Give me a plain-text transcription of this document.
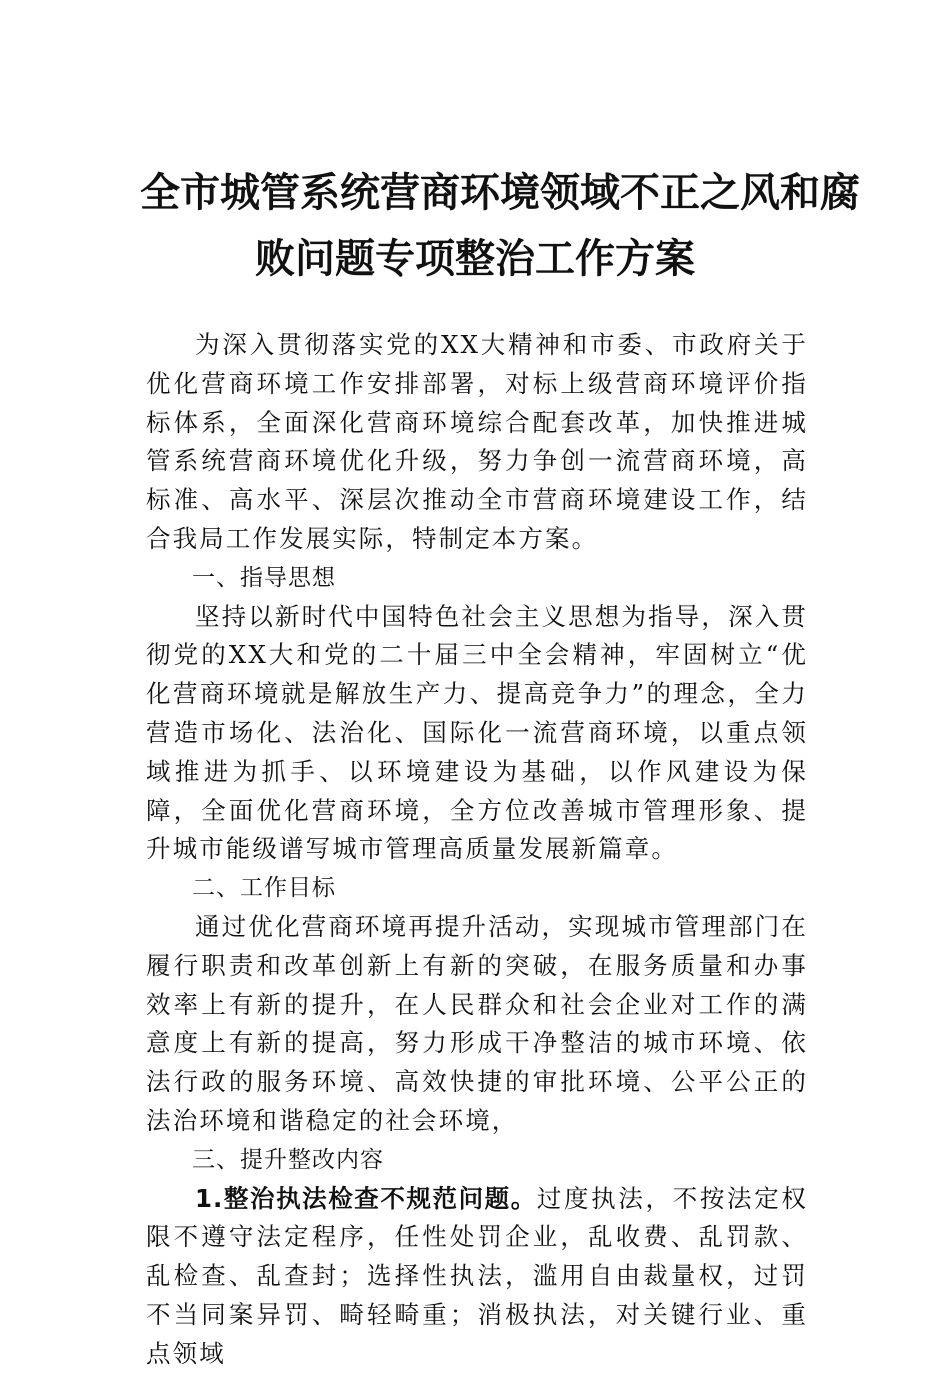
全市城管系统营商环境领域不正之风和腐
败问题专项整治工作方案

为深入贯彻落实党的XX大精神和市委、市政府关于优化营商环境工作安排部署，对标上级营商环境评价指标体系，全面深化营商环境综合配套改革，加快推进城管系统营商环境优化升级，努力争创一流营商环境，高标准、高水平、深层次推动全市营商环境建设工作，结合我局工作发展实际，特制定本方案。

一、指导思想

坚持以新时代中国特色社会主义思想为指导，深入贯彻党的XX大和党的二十届三中全会精神，牢固树立“优化营商环境就是解放生产力、提高竞争力”的理念，全力营造市场化、法治化、国际化一流营商环境，以重点领域推进为抓手、以环境建设为基础，以作风建设为保障，全面优化营商环境，全方位改善城市管理形象、提升城市能级谱写城市管理高质量发展新篇章。

二、工作目标

通过优化营商环境再提升活动，实现城市管理部门在履行职责和改革创新上有新的突破，在服务质量和办事效率上有新的提升，在人民群众和社会企业对工作的满意度上有新的提高，努力形成干净整洁的城市环境、依法行政的服务环境、高效快捷的审批环境、公平公正的法治环境和谐稳定的社会环境，

三、提升整改内容

1.整治执法检查不规范问题。过度执法，不按法定权限不遵守法定程序，任性处罚企业，乱收费、乱罚款、乱检查、乱查封；选择性执法，滥用自由裁量权，过罚不当同案异罚、畸轻畸重；消极执法，对关键行业、重点领域
